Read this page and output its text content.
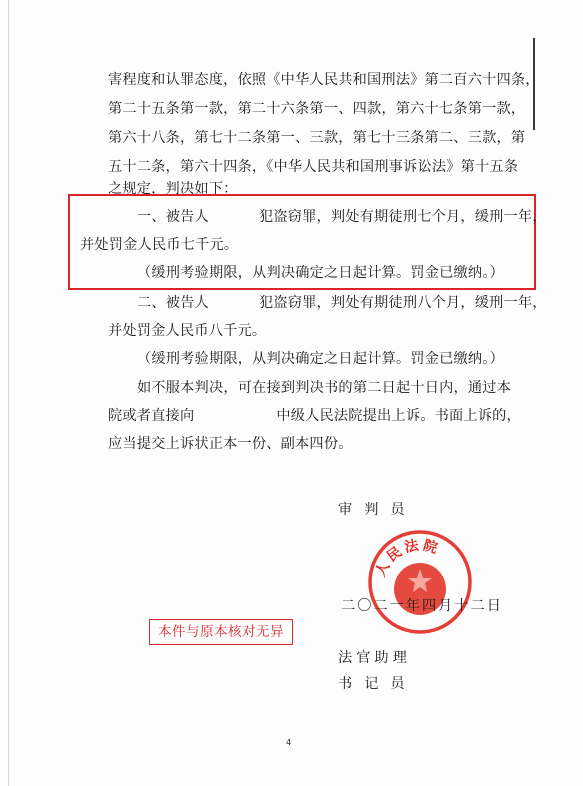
害程度和认罪态度，依照《中华人民共和国刑法》第二百六十四条，
第二十五条第一款，第二十六条第一、四款，第六十七条第一款，
第六十八条，第七十二条第一、三款，第七十三条第二、三款，第
五十二条，第六十四条，《中华人民共和国刑事诉讼法》第十五条
之规定，判决如下：
一、被告人	犯盗窃罪，判处有期徒刑七个月，缓刑一年，
并处罚金人民币七千元。
（缓刑考验期限，从判决确定之日起计算。罚金已缴纳。）
二、被告人	犯盗窃罪，判处有期徒刑八个月，缓刑一年，
并处罚金人民币八千元。
（缓刑考验期限，从判决确定之日起计算。罚金已缴纳。）
如不服本判决，可在接到判决书的第二日起十日内，通过本
院或者直接向	中级人民法院提出上诉。书面上诉的，
应当提交上诉状正本一份、副本四份。
审判员
人民法院
二〇二一年四月十二日
本件与原本核对无异
法官助理
书记员
4
